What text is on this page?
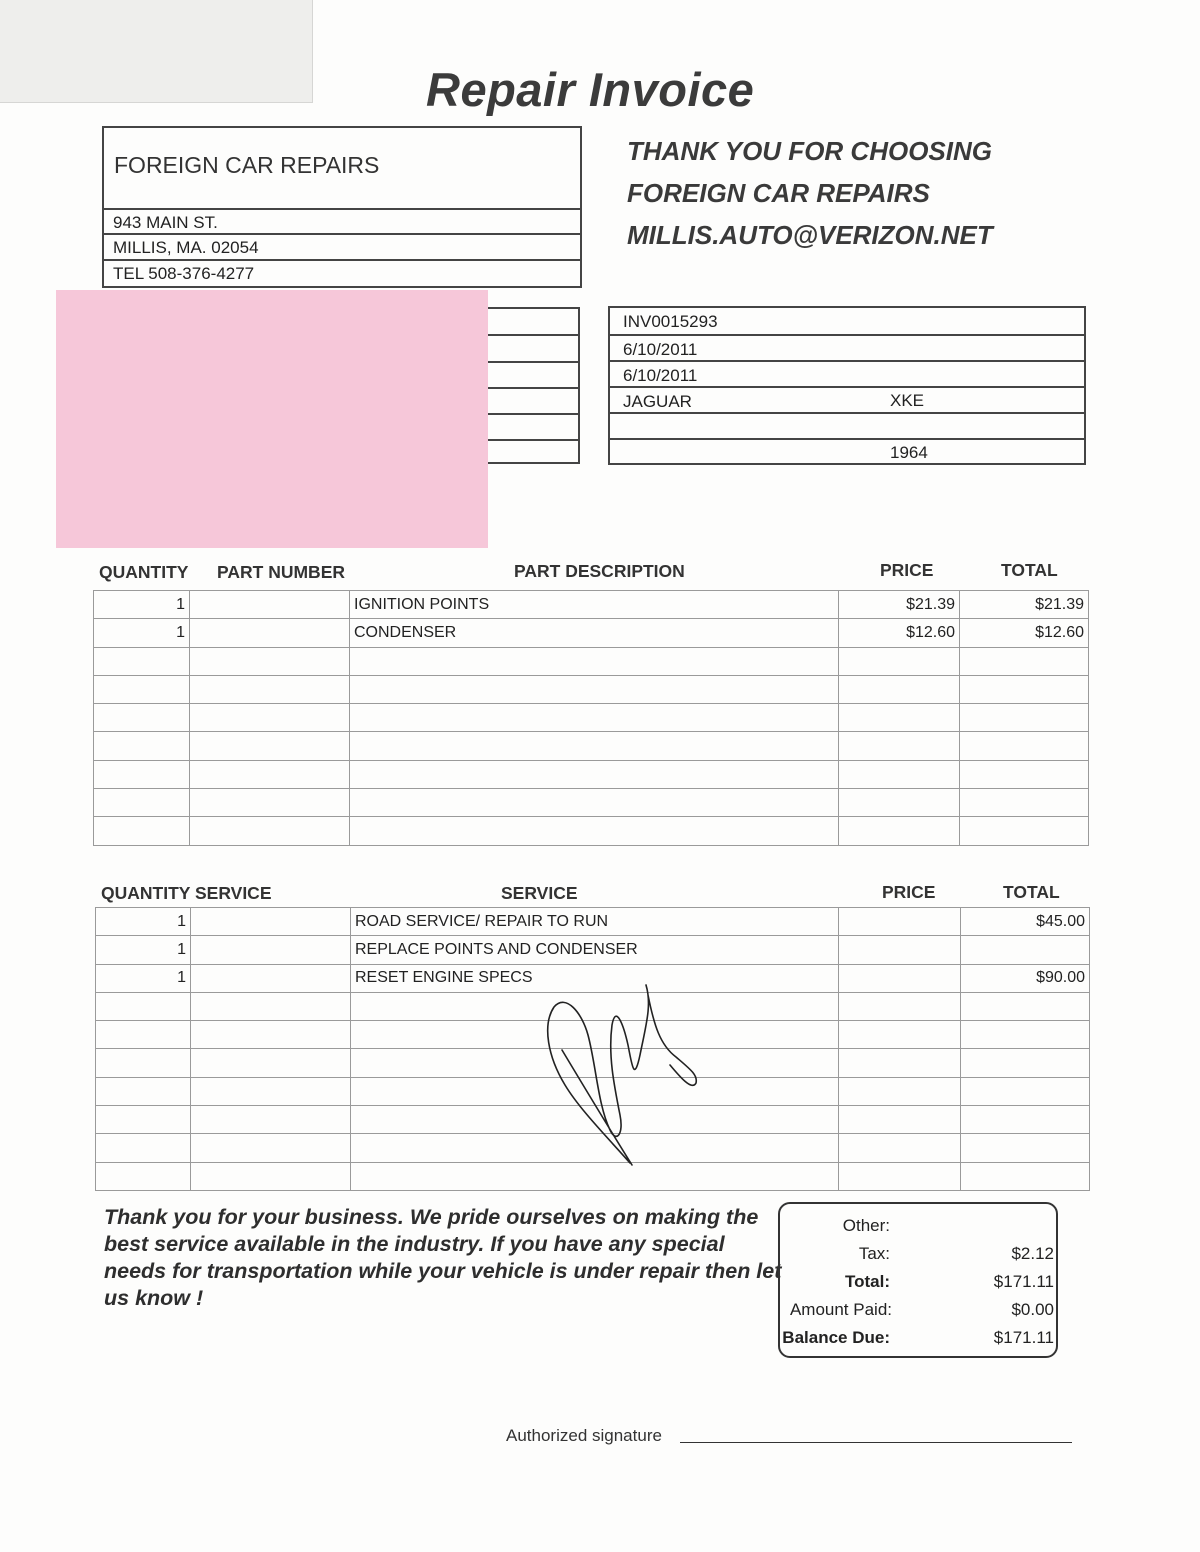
Repair Invoice
FOREIGN CAR REPAIRS
943 MAIN ST.
MILLIS, MA. 02054
TEL 508-376-4277
THANK YOU FOR CHOOSING
FOREIGN CAR REPAIRS
MILLIS.AUTO@VERIZON.NET
INV0015293
6/10/2011
6/10/2011
JAGUAR	XKE
1964
QUANTITY PART NUMBER	PART DESCRIPTION	PRICE	TOTAL
1		IGNITION POINTS	$21.39	$21.39
1		CONDENSER	$12.60	$12.60

QUANTITY SERVICE	SERVICE	PRICE	TOTAL
1		ROAD SERVICE/ REPAIR TO RUN		$45.00
1		REPLACE POINTS AND CONDENSER		
1		RESET ENGINE SPECS		$90.00

Thank you for your business. We pride ourselves on making the best service available in the industry. If you have any special needs for transportation while your vehicle is under repair then let us know !
Other:
Tax:	$2.12
Total:	$171.11
Amount Paid:	$0.00
Balance Due:	$171.11
Authorized signature
